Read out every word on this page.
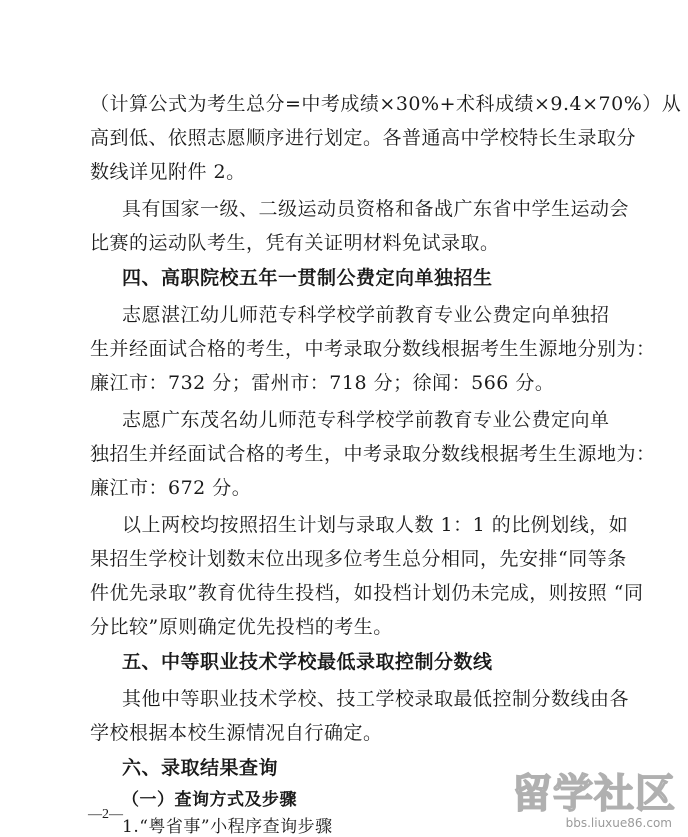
（计算公式为考生总分=中考成绩×30%+术科成绩×9.4×70%）从
高到低、依照志愿顺序进行划定。各普通高中学校特长生录取分
数线详见附件 2。
具有国家一级、二级运动员资格和备战广东省中学生运动会
比赛的运动队考生，凭有关证明材料免试录取。
四、高职院校五年一贯制公费定向单独招生
志愿湛江幼儿师范专科学校学前教育专业公费定向单独招
生并经面试合格的考生，中考录取分数线根据考生生源地分别为：
廉江市：732 分；雷州市：718 分；徐闻：566 分。
志愿广东茂名幼儿师范专科学校学前教育专业公费定向单
独招生并经面试合格的考生，中考录取分数线根据考生生源地为：
廉江市：672 分。
以上两校均按照招生计划与录取人数 1：1 的比例划线，如
果招生学校计划数末位出现多位考生总分相同，先安排“同等条
件优先录取”教育优待生投档，如投档计划仍未完成，则按照 “同
分比较”原则确定优先投档的考生。
五、中等职业技术学校最低录取控制分数线
其他中等职业技术学校、技工学校录取最低控制分数线由各
学校根据本校生源情况自行确定。
六、录取结果查询
（一）查询方式及步骤
1.“粤省事”小程序查询步骤
—2—	留学社区
bbs.liuxue86.com
